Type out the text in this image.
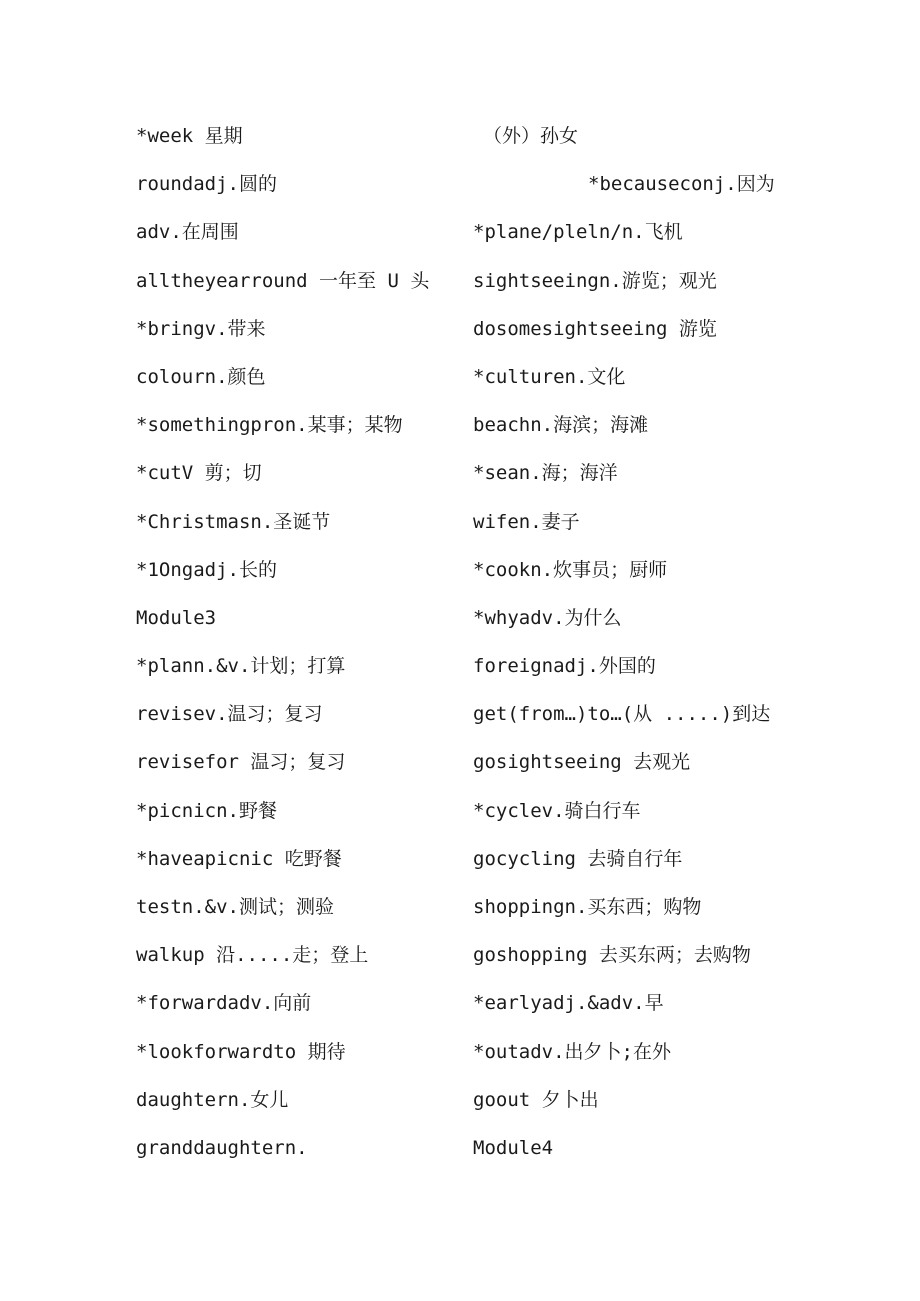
*week 星期
roundadj.圆的
adv.在周围
alltheyearround 一年至 U 头
*bringv.带来
colourn.颜色
*somethingpron.某事；某物
*cutV 剪；切
*Christmasn.圣诞节
*1Ongadj.长的
Module3
*plann.&v.计划；打算
revisev.温习；复习
revisefor 温习；复习
*picnicn.野餐
*haveapicnic 吃野餐
testn.&v.测试；测验
walkup 沿.....走；登上
*forwardadv.向前
*lookforwardto 期待
daughtern.女儿
granddaughtern.
（外）孙女
*becauseconj.因为
*plane/pleln/n.飞机
sightseeingn.游览；观光
dosomesightseeing 游览
*culturen.文化
beachn.海滨；海滩
*sean.海；海洋
wifen.妻子
*cookn.炊事员；厨师
*whyadv.为什么
foreignadj.外国的
get(from…)to…(从 .....)到达
gosightseeing 去观光
*cyclev.骑白行车
gocycling 去骑自行年
shoppingn.买东西；购物
goshopping 去买东两；去购物
*earlyadj.&adv.早
*outadv.出夕卜;在外
goout 夕卜出
Module4
